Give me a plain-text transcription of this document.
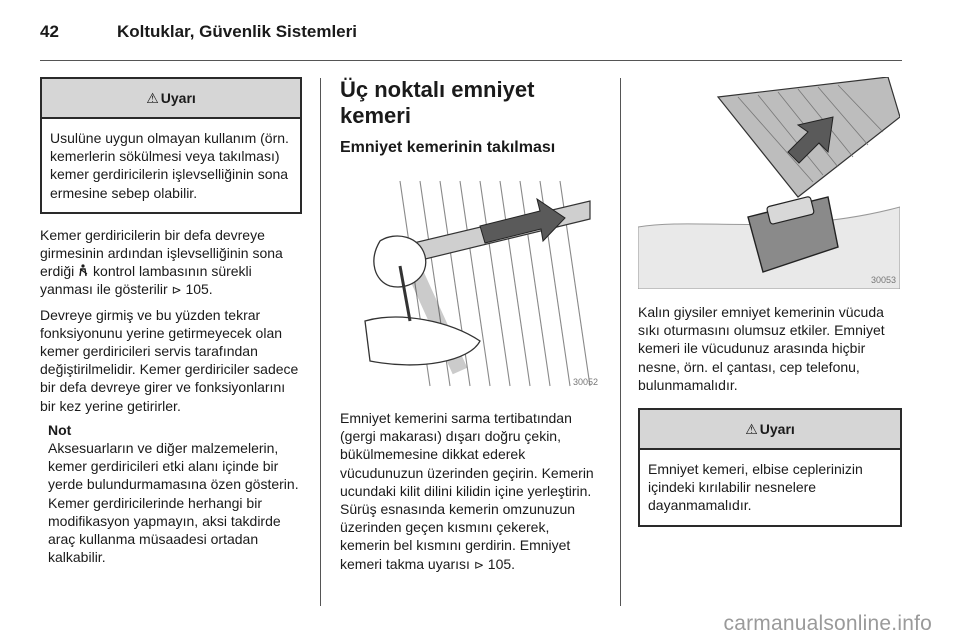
42	Koltuklar, Güvenlik Sistemleri
⚠ Uyarı
Usulüne uygun olmayan kullanım (örn. kemerlerin sökülmesi veya takılması) kemer gerdiricilerin işlevselliğinin sona ermesine sebep olabilir.

Kemer gerdiricilerin bir defa devreye girmesinin ardından işlevselliğinin sona erdiği  kontrol lambasının sürekli yanması ile gösterilir ⊳ 105.

Devreye girmiş ve bu yüzden tekrar fonksiyonunu yerine getirmeyecek olan kemer gerdiricileri servis tarafından değiştirilmelidir. Kemer gerdiriciler sadece bir defa devreye girer ve fonksiyonlarını bir kez yerine getirirler.

Not
Aksesuarların ve diğer malzemelerin, kemer gerdiricileri etki alanı içinde bir yerde bulundurmamasına özen gösterin. Kemer gerdiricilerinde herhangi bir modifikasyon yapmayın, aksi takdirde araç kullanma müsaadesi ortadan kalkabilir.
Üç noktalı emniyet kemeri
Emniyet kemerinin takılması
30052

Emniyet kemerini sarma tertibatından (gergi makarası) dışarı doğru çekin, bükülmemesine dikkat ederek vücudunuzun üzerinden geçirin. Kemerin ucundaki kilit dilini kilidin içine yerleştirin. Sürüş esnasında kemerin omzunuzun üzerinden geçen kısmını çekerek, kemerin bel kısmını gerdirin. Emniyet kemeri takma uyarısı ⊳ 105.

30053

Kalın giysiler emniyet kemerinin vücuda sıkı oturmasını olumsuz etkiler. Emniyet kemeri ile vücudunuz arasında hiçbir nesne, örn. el çantası, cep telefonu, bulunmamalıdır.

⚠ Uyarı
Emniyet kemeri, elbise ceplerinizin içindeki kırılabilir nesnelere dayanmamalıdır.
carmanualsonline.info
